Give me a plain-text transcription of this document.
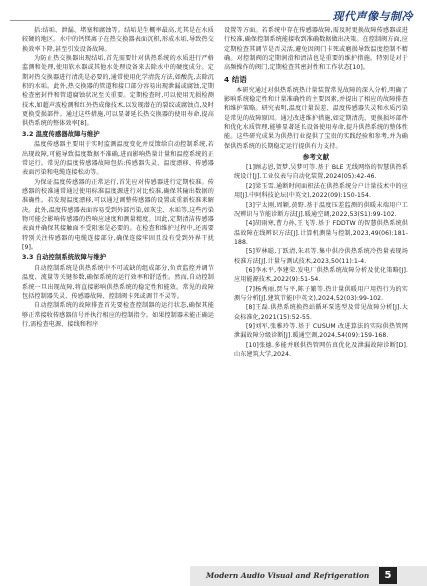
现代声像与制冷

括:结垢、泄漏、堵塞和腐蚀等。结垢是生概率最高,尤其是在水质较硬的地区。水中的钙镁离子在热交换器表面沉积,形成水垢,导致热交换效率下降,甚至引发设备故障。

为防止热交换器出现结垢,首先需要针对供热系统的水质进行严格监测和处理,使用软水器或其他水处理设备来去除水中的硬度成分。定期对热交换器进行清洗是必要的,通常使用化学清洗方法,如酸洗,去除沉积的水垢。此外,热交换器的管道和接口部分容易出现泄漏或腐蚀,定期检查密封件和管道腐蚀状况至关重要。定期检查时,可以使用无损检测技术,如超声波检测和红外热成像技术,以发现潜在的裂纹或腐蚀点,及时更换受损部件。通过这些措施,可以显著延长热交换器的使用寿命,提高供热系统的整体效率[8]。

3.2 温度传感器故障与维护

温度传感器主要用于实时监测温度变化并反馈给自动控制系统,若出现故障,可能导致温度数据不准确,进而影响热量计量和温控系统的正常运行。常见的温度传感器故障包括:传感器失灵、温度漂移、传感器表面污染和电缆连接松动等。

为保证温度传感器的正常运行,首先应对传感器进行定期校准。传感器的校准通常通过使用标准温度源进行对比校准,确保其输出数据的准确性。若发现温度漂移,可以通过调整传感器的设置或重新校准来解决。此外,温度传感器表面容易受到外部污染,如灰尘、水垢等,这些污染物可能会影响传感器的热响应速度和测量精度。因此,定期清洁传感器表面并确保其接触面不受阻塞是必要的。在检查和维护过程中,还需要特别关注传感器的电缆连接部分,确保连接牢固且没有受到外界干扰[9]。

3.3 自动控制系统故障与维护

自动控制系统是供热系统中不可或缺的组成部分,负责监控并调节温度、流量等关键参数,确保系统的运行效率和舒适性。然而,自动控制系统一旦出现故障,将直接影响供热系统的稳定性和能效。常见的故障包括控制器失灵、传感器故障、控制阀卡死或调节不灵等。

自动控制系统的故障排查首先要检查控制器的运行状态,确保其能够正常接收传感器信号并执行相应的控制指令。如果控制器未能正确运行,需检查电源、接线和程序

设置等方面。若系统中存在传感器故障,需及时更换故障传感器或进行校准,确保控制系统能接收到准确数据做出决策。在控制阀方面,应定期检查其调节是否灵活,避免因阀门卡死或磨损导致温度控制不精确。对控制阀的定期润滑和清洁也是重要的维护措施。特别是对于高频操作的阀门,定期检查其密封性和工作状态[10]。

4 结语

本研究通过对供热系统热计量装置常见故障的深入分析,明确了影响系统稳定性和计量准确性的主要因素,并提出了相应的故障排查和维护策略。研究表明,温度计量误差、温度传感器失灵和水质污染是常见的故障原因。通过改进维护措施,如定期清洗、更换损坏部件和优化水质管理,能够显著延长设备使用寿命,提升供热系统的整体性能。这些研究成果为供热行业提供了宝贵的实践经验和参考,并为确保供热系统的长期稳定运行提供有力支持。

参考文献

[1]顾志恩,贺梦,吴梦可等.基于 BLE 无线网络的智慧供热系统设计[J].工业仪表与自动化装置,2024(05):42-46.

[2]梁玉雪.通断时间面积法在供热系统分户计量技术中的应用[J].中阿科技论坛(中英文),2022(09):150-154.

[3]宁太刚,周颖,黄野.基于温度压差监测的供暖末端用户工况辨识与节能诊断方法[J].暖通空调,2022,53(S1):99-102.

[4]胡雨寒,曹力孙,王飞等.基于 FDDTW 的智慧供热系统供温故障在线辨识方法[J].计算机测量与控制,2023,49(06):181-188.

[5]罗林聪,丁跃清,朱君等.集中供冷供热系统冷热量表现场校准方法[J].计量与测试技术,2023,50(11):1-4.

[6]李永平,李建荣.发电厂供热系统故障分析及优化策略[J].应用能源技术,2022(9):51-54.

[7]杨秀丽,贾与平,陈子繁等.热计量供暖用户用热行为的实测与分析[J].建筑节能(中英文),2024,52(03):99-102.

[8]王磊.供热系统换热站循环泵选型及常见故障分析[J].大众标准化,2021(15):52-55.

[9]刘军,张雅玲等.基于 CUSUM 改进算法的实际供热管网泄漏故障分级诊断[J].暖通空调,2024,54(09):159-168.

[10]张德.多能并联供热管网仿真优化及泄漏故障诊断[D].山东建筑大学,2024.

Modern Audio Visual and Refrigeration	5
